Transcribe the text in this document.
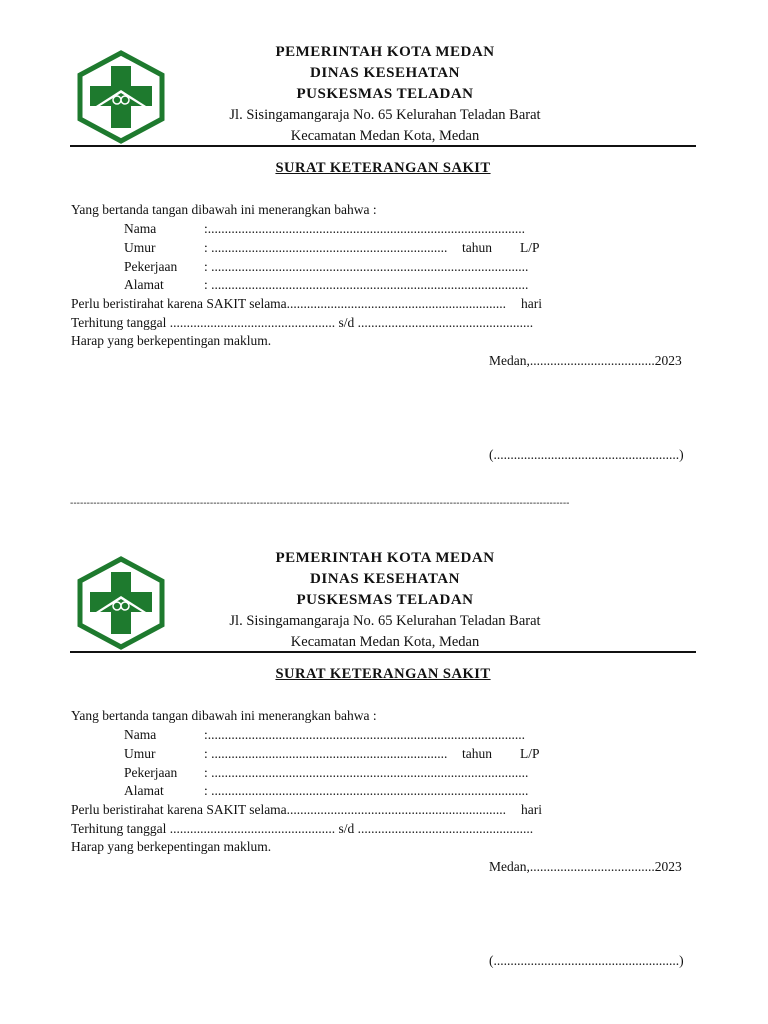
PEMERINTAH KOTA MEDAN
DINAS KESEHATAN
PUSKESMAS TELADAN
Jl. Sisingamangaraja No. 65 Kelurahan Teladan Barat
Kecamatan Medan Kota, Medan
SURAT KETERANGAN SAKIT
Yang bertanda tangan dibawah ini menerangkan bahwa :
Nama	:..............................................................................................
Umur	: ...................................................................... tahun L/P
Pekerjaan : ..............................................................................................
Alamat	: ..............................................................................................
Perlu beristirahat karena SAKIT selama................................................................. hari
Terhitung tanggal ................................................. s/d ....................................................
Harap yang berkepentingan maklum.
Medan,.....................................2023
(.......................................................)
------------------------------------------------------------------------------------------------------------------------------------------------------
PEMERINTAH KOTA MEDAN
DINAS KESEHATAN
PUSKESMAS TELADAN
Jl. Sisingamangaraja No. 65 Kelurahan Teladan Barat
Kecamatan Medan Kota, Medan
SURAT KETERANGAN SAKIT
Yang bertanda tangan dibawah ini menerangkan bahwa :
Nama	:..............................................................................................
Umur	: ...................................................................... tahun L/P
Pekerjaan : ..............................................................................................
Alamat	: ..............................................................................................
Perlu beristirahat karena SAKIT selama................................................................. hari
Terhitung tanggal ................................................. s/d ....................................................
Harap yang berkepentingan maklum.
Medan,.....................................2023
(.......................................................)
